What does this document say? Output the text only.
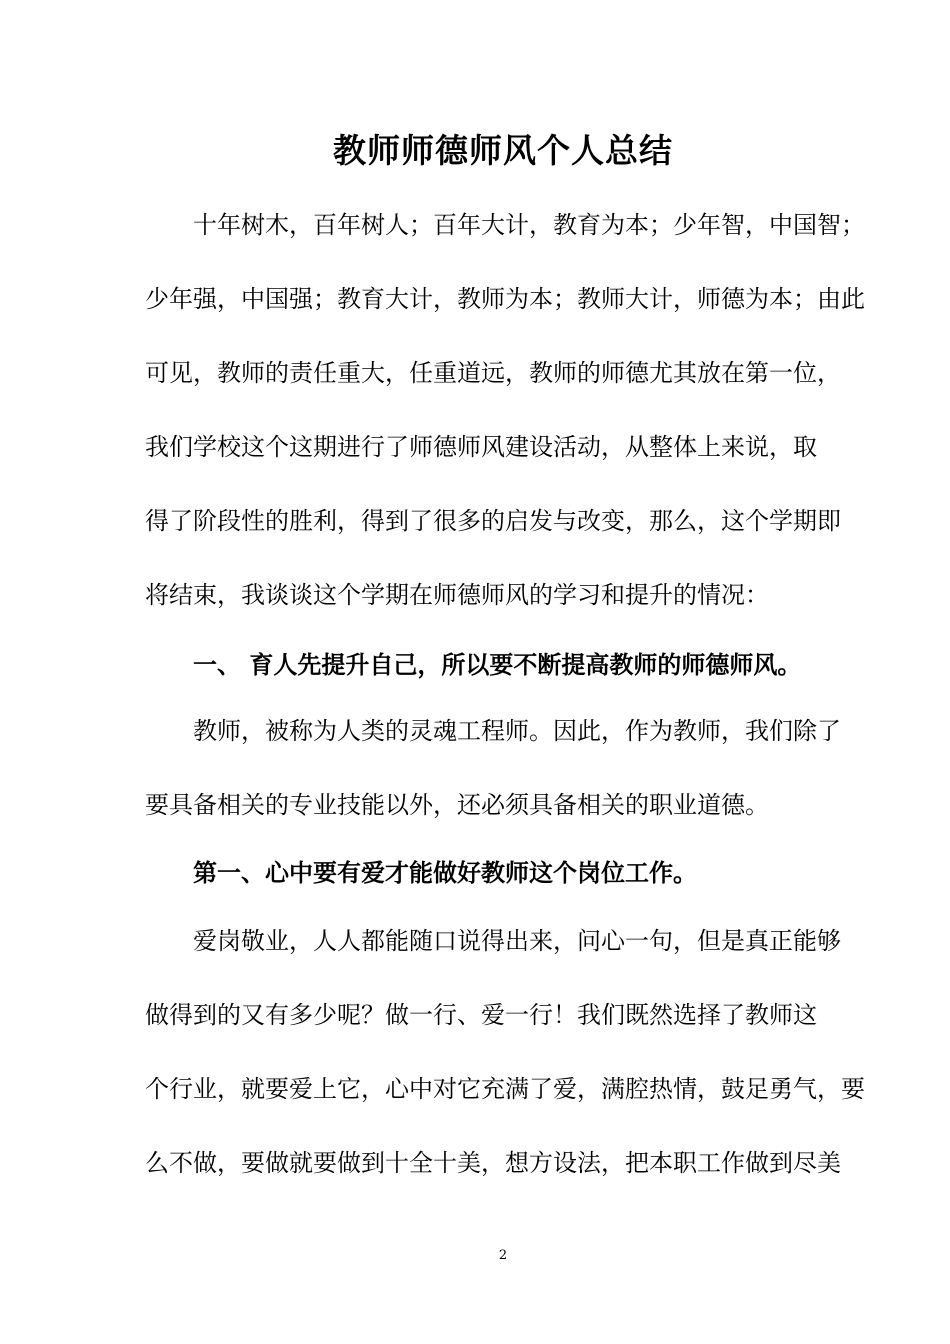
教师师德师风个人总结

十年树木，百年树人；百年大计，教育为本；少年智，中国智；

少年强，中国强；教育大计，教师为本；教师大计，师德为本；由此

可见，教师的责任重大，任重道远，教师的师德尤其放在第一位，

我们学校这个这期进行了师德师风建设活动，从整体上来说，取

得了阶段性的胜利，得到了很多的启发与改变，那么，这个学期即

将结束，我谈谈这个学期在师德师风的学习和提升的情况：

一、 育人先提升自己，所以要不断提高教师的师德师风。

教师，被称为人类的灵魂工程师。因此，作为教师，我们除了

要具备相关的专业技能以外，还必须具备相关的职业道德。

第一、心中要有爱才能做好教师这个岗位工作。

爱岗敬业，人人都能随口说得出来，问心一句，但是真正能够

做得到的又有多少呢？做一行、爱一行！我们既然选择了教师这

个行业，就要爱上它，心中对它充满了爱，满腔热情，鼓足勇气，要

么不做，要做就要做到十全十美，想方设法，把本职工作做到尽美

2
